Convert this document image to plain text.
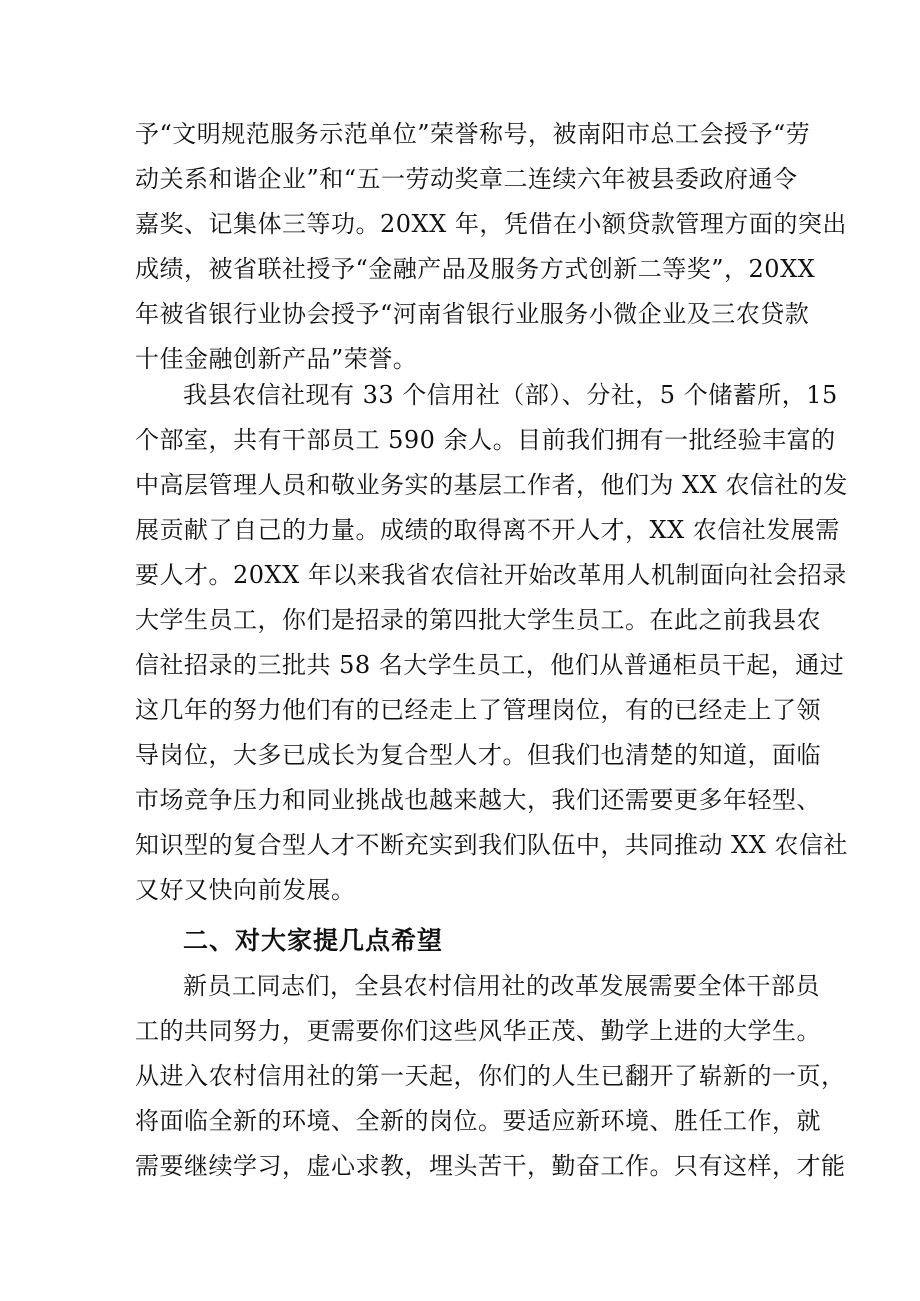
予“文明规范服务示范单位”荣誉称号，被南阳市总工会授予“劳
动关系和谐企业”和“五一劳动奖章二连续六年被县委政府通令
嘉奖、记集体三等功。20XX 年，凭借在小额贷款管理方面的突出
成绩，被省联社授予“金融产品及服务方式创新二等奖”，20XX
年被省银行业协会授予“河南省银行业服务小微企业及三农贷款
十佳金融创新产品”荣誉。
我县农信社现有 33 个信用社（部）、分社，5 个储蓄所，15
个部室，共有干部员工 590 余人。目前我们拥有一批经验丰富的
中高层管理人员和敬业务实的基层工作者，他们为 XX 农信社的发
展贡献了自己的力量。成绩的取得离不开人才，XX 农信社发展需
要人才。20XX 年以来我省农信社开始改革用人机制面向社会招录
大学生员工，你们是招录的第四批大学生员工。在此之前我县农
信社招录的三批共 58 名大学生员工，他们从普通柜员干起，通过
这几年的努力他们有的已经走上了管理岗位，有的已经走上了领
导岗位，大多已成长为复合型人才。但我们也清楚的知道，面临
市场竞争压力和同业挑战也越来越大，我们还需要更多年轻型、
知识型的复合型人才不断充实到我们队伍中，共同推动 XX 农信社
又好又快向前发展。
二、对大家提几点希望
新员工同志们，全县农村信用社的改革发展需要全体干部员
工的共同努力，更需要你们这些风华正茂、勤学上进的大学生。
从进入农村信用社的第一天起，你们的人生已翻开了崭新的一页，
将面临全新的环境、全新的岗位。要适应新环境、胜任工作，就
需要继续学习，虚心求教，埋头苦干，勤奋工作。只有这样，才能
